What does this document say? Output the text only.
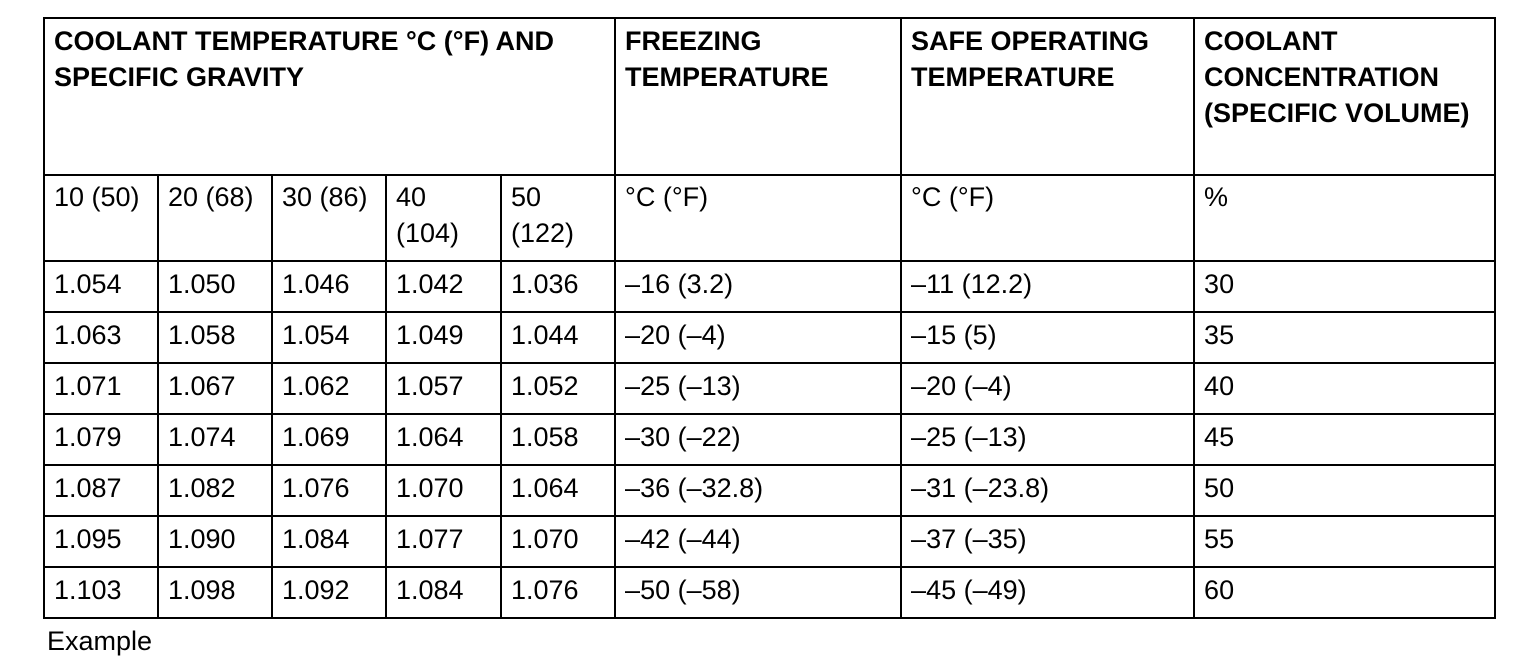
COOLANT TEMPERATURE °C (°F) AND SPECIFIC GRAVITY					FREEZING TEMPERATURE	SAFE OPERATING TEMPERATURE	COOLANT CONCENTRATION (SPECIFIC VOLUME)
10 (50)	20 (68)	30 (86)	40 (104)	50 (122)	°C (°F)	°C (°F)	%
1.054	1.050	1.046	1.042	1.036	–16 (3.2)	–11 (12.2)	30
1.063	1.058	1.054	1.049	1.044	–20 (–4)	–15 (5)	35
1.071	1.067	1.062	1.057	1.052	–25 (–13)	–20 (–4)	40
1.079	1.074	1.069	1.064	1.058	–30 (–22)	–25 (–13)	45
1.087	1.082	1.076	1.070	1.064	–36 (–32.8)	–31 (–23.8)	50
1.095	1.090	1.084	1.077	1.070	–42 (–44)	–37 (–35)	55
1.103	1.098	1.092	1.084	1.076	–50 (–58)	–45 (–49)	60
Example
